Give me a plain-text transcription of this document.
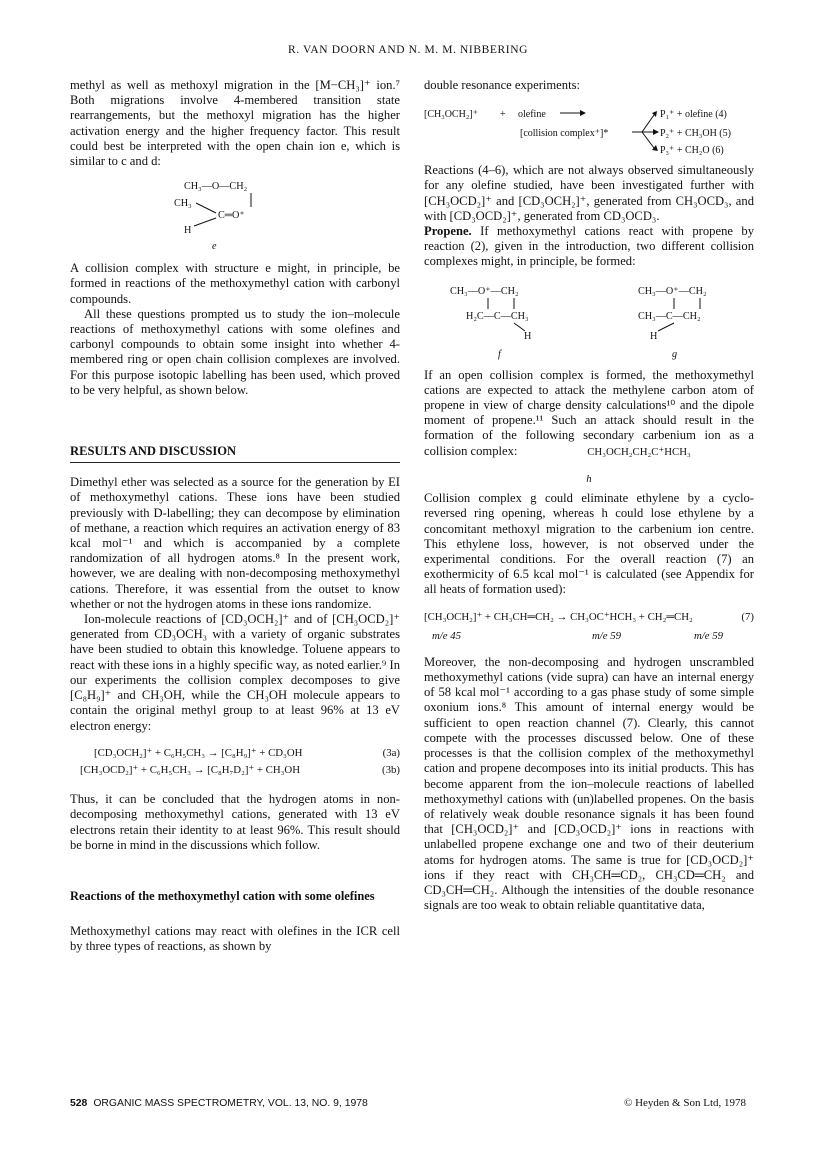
R. VAN DOORN AND N. M. M. NIBBERING

methyl as well as methoxyl migration in the [M−CH₃]⁺ ion.⁷ Both migrations involve 4-membered transition state rearrangements, but the methoxyl migration has the higher activation energy and the higher frequency factor. This result could best be interpreted with the open chain ion e, which is similar to c and d:

CH₃—O—CH₂
CH₃
C═O⁺
H
e

A collision complex with structure e might, in principle, be formed in reactions of the methoxymethyl cation with carbonyl compounds.

All these questions prompted us to study the ion–molecule reactions of methoxymethyl cations with some olefines and carbonyl compounds to obtain some insight into whether 4-membered ring or open chain collision complexes are involved. For this purpose isotopic labelling has been used, which proved to be very helpful, as shown below.

RESULTS AND DISCUSSION

Dimethyl ether was selected as a source for the generation by EI of methoxymethyl cations. These ions have been studied previously with D-labelling; they can decompose by elimination of methane, a reaction which requires an activation energy of 83 kcal mol⁻¹ and which is accompanied by a complete randomization of all hydrogen atoms.⁸ In the present work, however, we are dealing with non-decomposing methoxymethyl cations. Therefore, it was essential from the outset to know whether or not the hydrogen atoms in these ions randomize.

Ion-molecule reactions of [CD₃OCH₂]⁺ and of [CH₃OCD₂]⁺ generated from CD₃OCH₃ with a variety of organic substrates have been studied to obtain this knowledge. Toluene appears to react with these ions in a highly specific way, as noted earlier.⁹ In our experiments the collision complex decomposes to give [C₈H₉]⁺ and CH₃OH, while the CH₃OH molecule appears to contain the original methyl group to at least 96% at 13 eV electron energy:

[CD₃OCH₂]⁺ + C₆H₅CH₃ → [C₈H₉]⁺ + CD₃OH	(3a)
[CH₃OCD₂]⁺ + C₆H₅CH₃ → [C₈H₇D₂]⁺ + CH₃OH	(3b)

Thus, it can be concluded that the hydrogen atoms in non-decomposing methoxymethyl cations, generated with 13 eV electrons retain their identity to at least 96%. This result should be borne in mind in the discussions which follow.

Reactions of the methoxymethyl cation with some olefines

Methoxymethyl cations may react with olefines in the ICR cell by three types of reactions, as shown by

double resonance experiments:

[CH₃OCH₂]⁺ + olefine
[collision complex⁺]*
P₁⁺ + olefine (4)
P₂⁺ + CH₃OH (5)
P₃⁺ + CH₂O (6)

Reactions (4–6), which are not always observed simultaneously for any olefine studied, have been investigated further with [CH₃OCD₂]⁺ and [CD₃OCH₂]⁺, generated from CH₃OCD₃, and with [CD₃OCD₂]⁺, generated from CD₃OCD₃.

Propene. If methoxymethyl cations react with propene by reaction (2), given in the introduction, two different collision complexes might, in principle, be formed:

CH₃—O⁺—CH₂
H₂C—C—CH₃
H
f
CH₃—O⁺—CH₂
CH₃—C—CH₂
H
g

If an open collision complex is formed, the methoxymethyl cations are expected to attack the methylene carbon atom of propene in view of charge density calculations¹⁰ and the dipole moment of propene.¹¹ Such an attack should result in the formation of the following secondary carbenium ion as a collision complex:	CH₃OCH₂CH₂C⁺HCH₃
h

Collision complex g could eliminate ethylene by a cyclo-reversed ring opening, whereas h could lose ethylene by a concomitant methoxyl migration to the carbenium ion centre. This ethylene loss, however, is not observed under the experimental conditions. For the overall reaction (7) an exothermicity of 6.5 kcal mol⁻¹ is calculated (see Appendix for all heats of formation used):

[CH₃OCH₂]⁺ + CH₃CH═CH₂ → CH₃OC⁺HCH₃ + CH₂═CH₂	(7)
m/e 45	m/e 59	m/e 59

Moreover, the non-decomposing and hydrogen unscrambled methoxymethyl cations (vide supra) can have an internal energy of 58 kcal mol⁻¹ according to a gas phase study of some simple oxonium ions.⁸ This amount of internal energy would be sufficient to open reaction channel (7). Clearly, this cannot compete with the processes discussed below. One of these processes is that the collision complex of the methoxymethyl cation and propene decomposes into its initial products. This has become apparent from the ion–molecule reactions of labelled methoxymethyl cations with (un)labelled propenes. On the basis of relatively weak double resonance signals it has been found that [CH₃OCD₂]⁺ and [CD₃OCD₂]⁺ ions in reactions with unlabelled propene exchange one and two of their deuterium atoms for hydrogen atoms. The same is true for [CD₃OCD₂]⁺ ions if they react with CH₃CH═CD₂, CH₃CD═CH₂ and CD₃CH═CH₂. Although the intensities of the double resonance signals are too weak to obtain reliable quantitative data,

528 ORGANIC MASS SPECTROMETRY, VOL. 13, NO. 9, 1978	© Heyden & Son Ltd, 1978
